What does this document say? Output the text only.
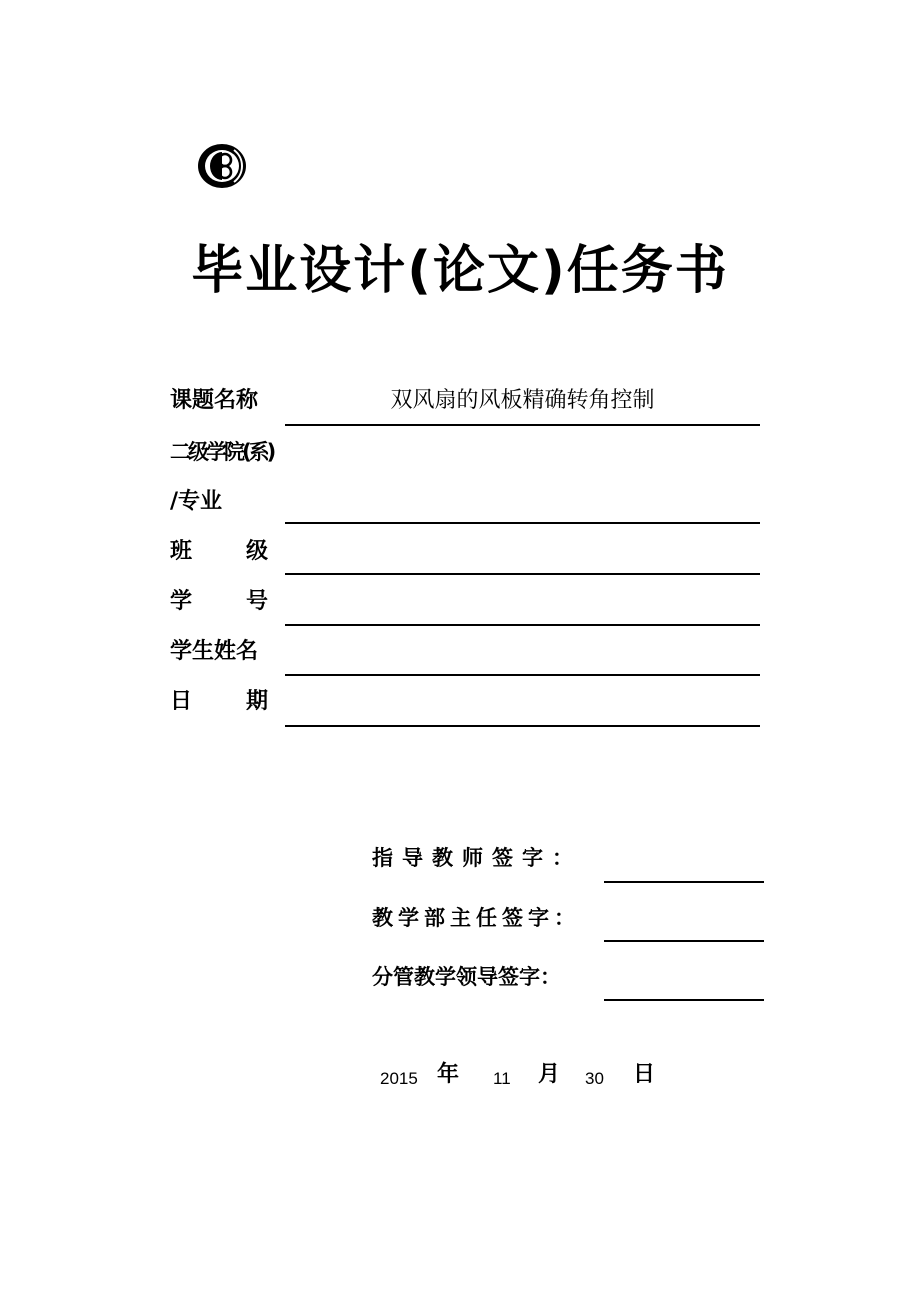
毕业设计(论文)任务书
课题名称	双风扇的风板精确转角控制
二级学院(系)
/专业
班 级
学 号
学生姓名
日 期
指导教师签字：
教学部主任签字：
分管教学领导签字：
2015 年 11 月 30 日
